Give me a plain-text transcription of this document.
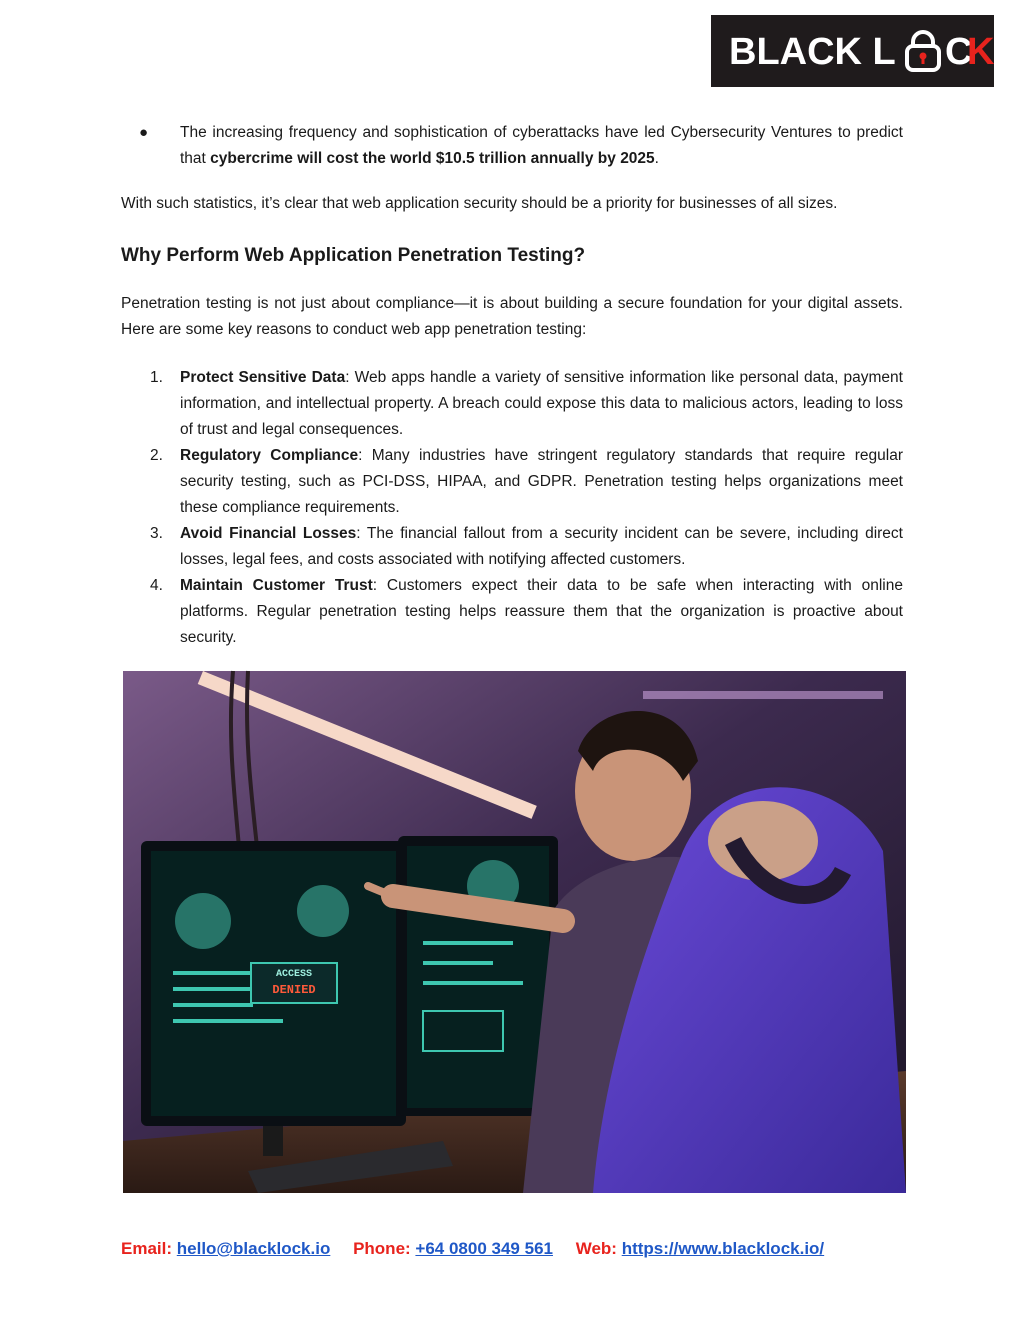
BLACK L C
K
● The increasing frequency and sophistication of cyberattacks have led Cybersecurity Ventures to predict that cybercrime will cost the world $10.5 trillion annually by 2025.

With such statistics, it’s clear that web application security should be a priority for businesses of all sizes.

Why Perform Web Application Penetration Testing?

Penetration testing is not just about compliance—it is about building a secure foundation for your digital assets. Here are some key reasons to conduct web app penetration testing:

1. Protect Sensitive Data: Web apps handle a variety of sensitive information like personal data, payment information, and intellectual property. A breach could expose this data to malicious actors, leading to loss of trust and legal consequences.
2. Regulatory Compliance: Many industries have stringent regulatory standards that require regular security testing, such as PCI-DSS, HIPAA, and GDPR. Penetration testing helps organizations meet these compliance requirements.
3. Avoid Financial Losses: The financial fallout from a security incident can be severe, including direct losses, legal fees, and costs associated with notifying affected customers.
4. Maintain Customer Trust: Customers expect their data to be safe when interacting with online platforms. Regular penetration testing helps reassure them that the organization is proactive about security.
ACCESS
DENIED
Email: hello@blacklock.io Phone: +64 0800 349 561 Web: https://www.blacklock.io/
